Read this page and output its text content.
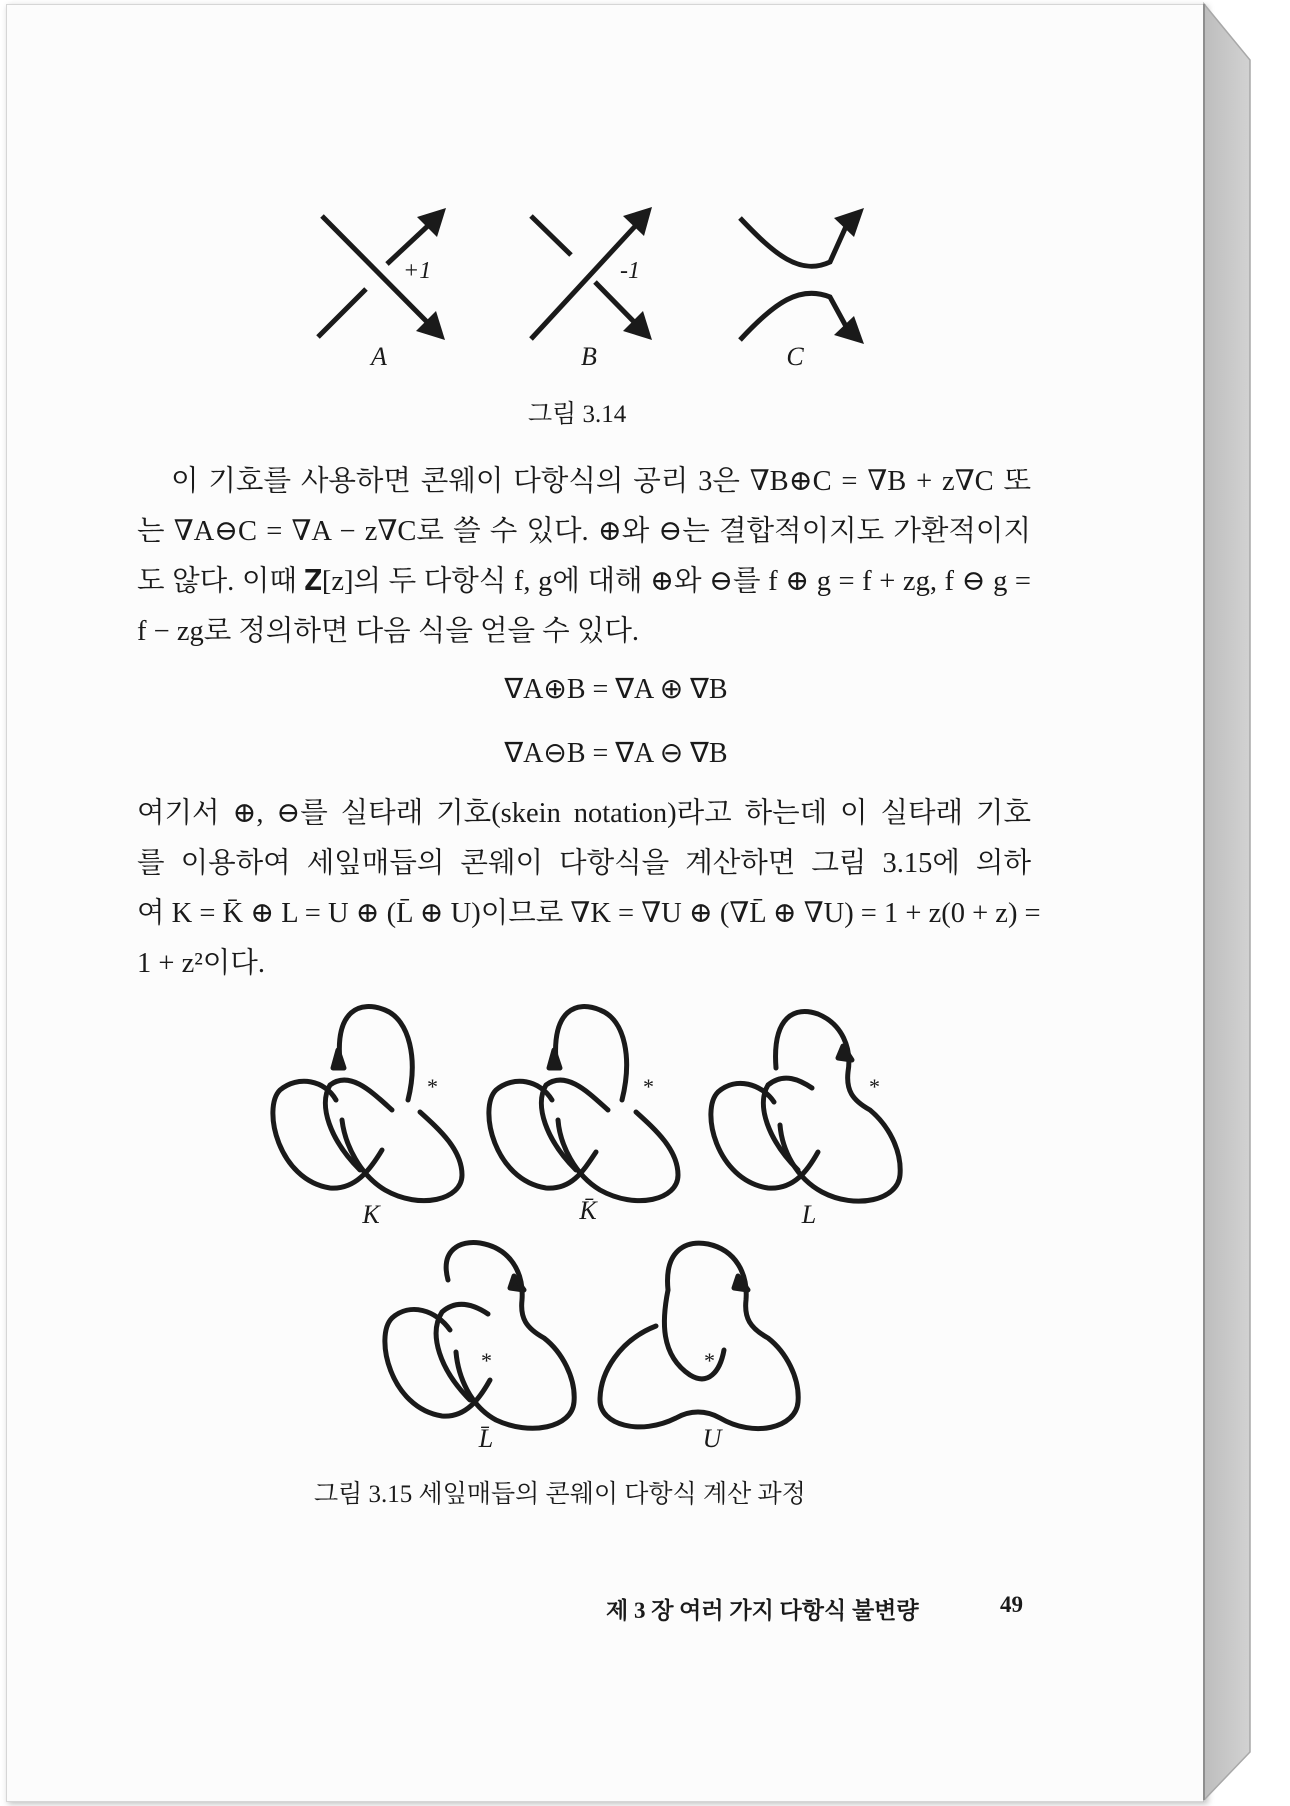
+1	-1
A	B	C
그림 3.14
이 기호를 사용하면 콘웨이 다항식의 공리 3은 ∇B⊕C = ∇B + z∇C 또
는 ∇A⊖C = ∇A − z∇C로 쓸 수 있다. ⊕와 ⊖는 결합적이지도 가환적이지
도 않다. 이때 𝐙[z]의 두 다항식 f, g에 대해 ⊕와 ⊖를 f ⊕ g = f + zg, f ⊖ g =
f − zg로 정의하면 다음 식을 얻을 수 있다.
∇A⊕B = ∇A ⊕ ∇B
∇A⊖B = ∇A ⊖ ∇B
여기서 ⊕, ⊖를 실타래 기호(skein notation)라고 하는데 이 실타래 기호
를 이용하여 세잎매듭의 콘웨이 다항식을 계산하면 그림 3.15에 의하
여 K = K̄ ⊕ L = U ⊕ (L̄ ⊕ U)이므로 ∇K = ∇U ⊕ (∇L̄ ⊕ ∇U) = 1 + z(0 + z) =
1 + z²이다.
*	*	*
*	*
K	K̄	L
L̄	U
그림 3.15 세잎매듭의 콘웨이 다항식 계산 과정
제 3 장 여러 가지 다항식 불변량	49
